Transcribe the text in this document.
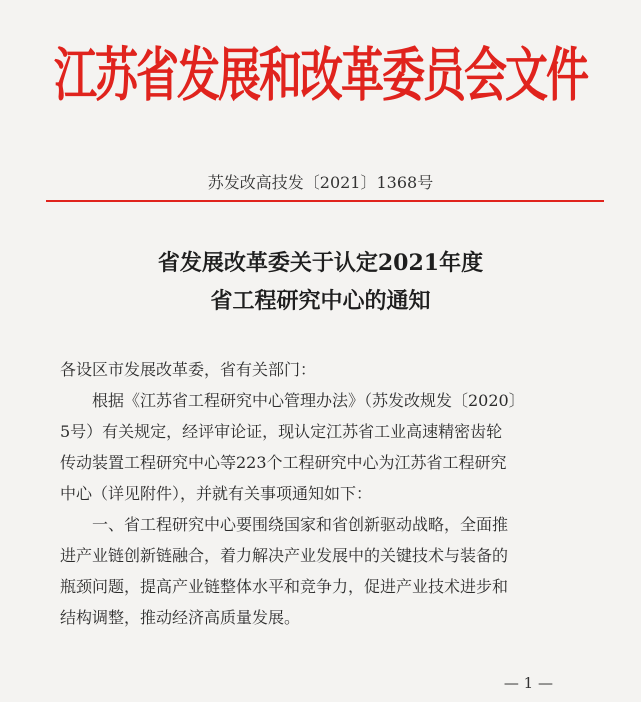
江苏省发展和改革委员会文件
苏发改高技发〔2021〕1368号
省发展改革委关于认定2021年度
省工程研究中心的通知

各设区市发展改革委，省有关部门：

根据《江苏省工程研究中心管理办法》（苏发改规发〔2020〕

5号）有关规定，经评审论证，现认定江苏省工业高速精密齿轮

传动装置工程研究中心等223个工程研究中心为江苏省工程研究

中心（详见附件），并就有关事项通知如下：

一、省工程研究中心要围绕国家和省创新驱动战略，全面推

进产业链创新链融合，着力解决产业发展中的关键技术与装备的

瓶颈问题，提高产业链整体水平和竞争力，促进产业技术进步和

结构调整，推动经济高质量发展。

— 1 —
